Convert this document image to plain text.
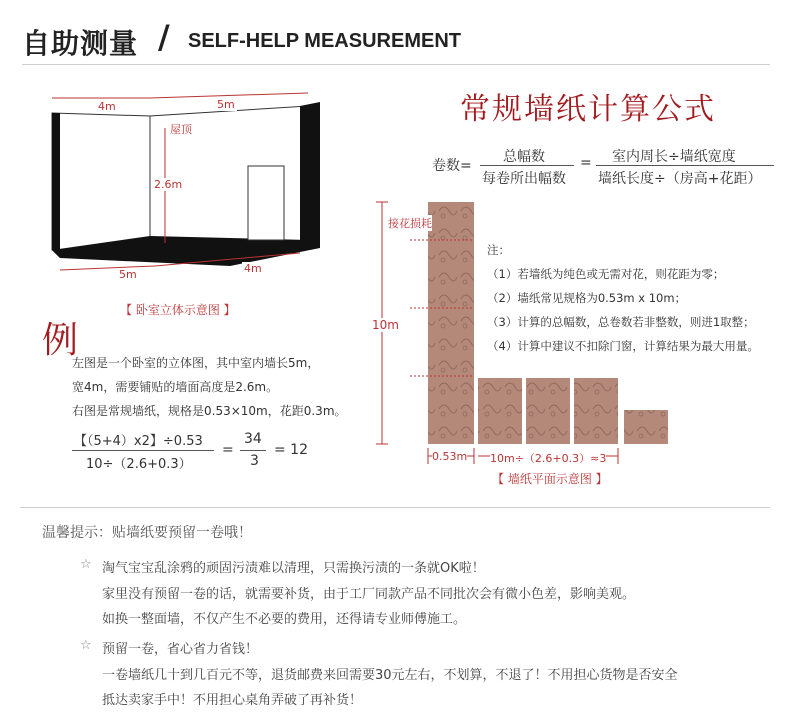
自助测量 / SELF-HELP MEASUREMENT
4m	5m
屋顶
2.6m
5m	4m
【 卧室立体示意图 】
常规墙纸计算公式
卷数=
总幅数
每卷所出幅数
= 室内周长÷墙纸宽度
墙纸长度÷（房高+花距）
接花损耗
10m
0.53m 10m÷（2.6+0.3）≈3
【 墙纸平面示意图 】
注：
（1）若墙纸为纯色或无需对花，则花距为零；
（2）墙纸常见规格为0.53m x 10m；
（3）计算的总幅数，总卷数若非整数，则进1取整；
（4）计算中建议不扣除门窗，计算结果为最大用量。
例
左图是一个卧室的立体图，其中室内墙长5m，
宽4m，需要铺贴的墙面高度是2.6m。
右图是常规墙纸，规格是0.53×10m，花距0.3m。
【（5+4）x2】÷0.53
10÷（2.6+0.3）
=
34
3
= 12
温馨提示：贴墙纸要预留一卷哦！
☆ 淘气宝宝乱涂鸦的顽固污渍难以清理，只需换污渍的一条就OK啦！
家里没有预留一卷的话，就需要补货，由于工厂同款产品不同批次会有微小色差，影响美观。
如换一整面墙，不仅产生不必要的费用，还得请专业师傅施工。
☆ 预留一卷，省心省力省钱！
一卷墙纸几十到几百元不等，退货邮费来回需要30元左右，不划算，不退了！不用担心货物是否安全
抵达卖家手中！不用担心桌角弄破了再补货！
